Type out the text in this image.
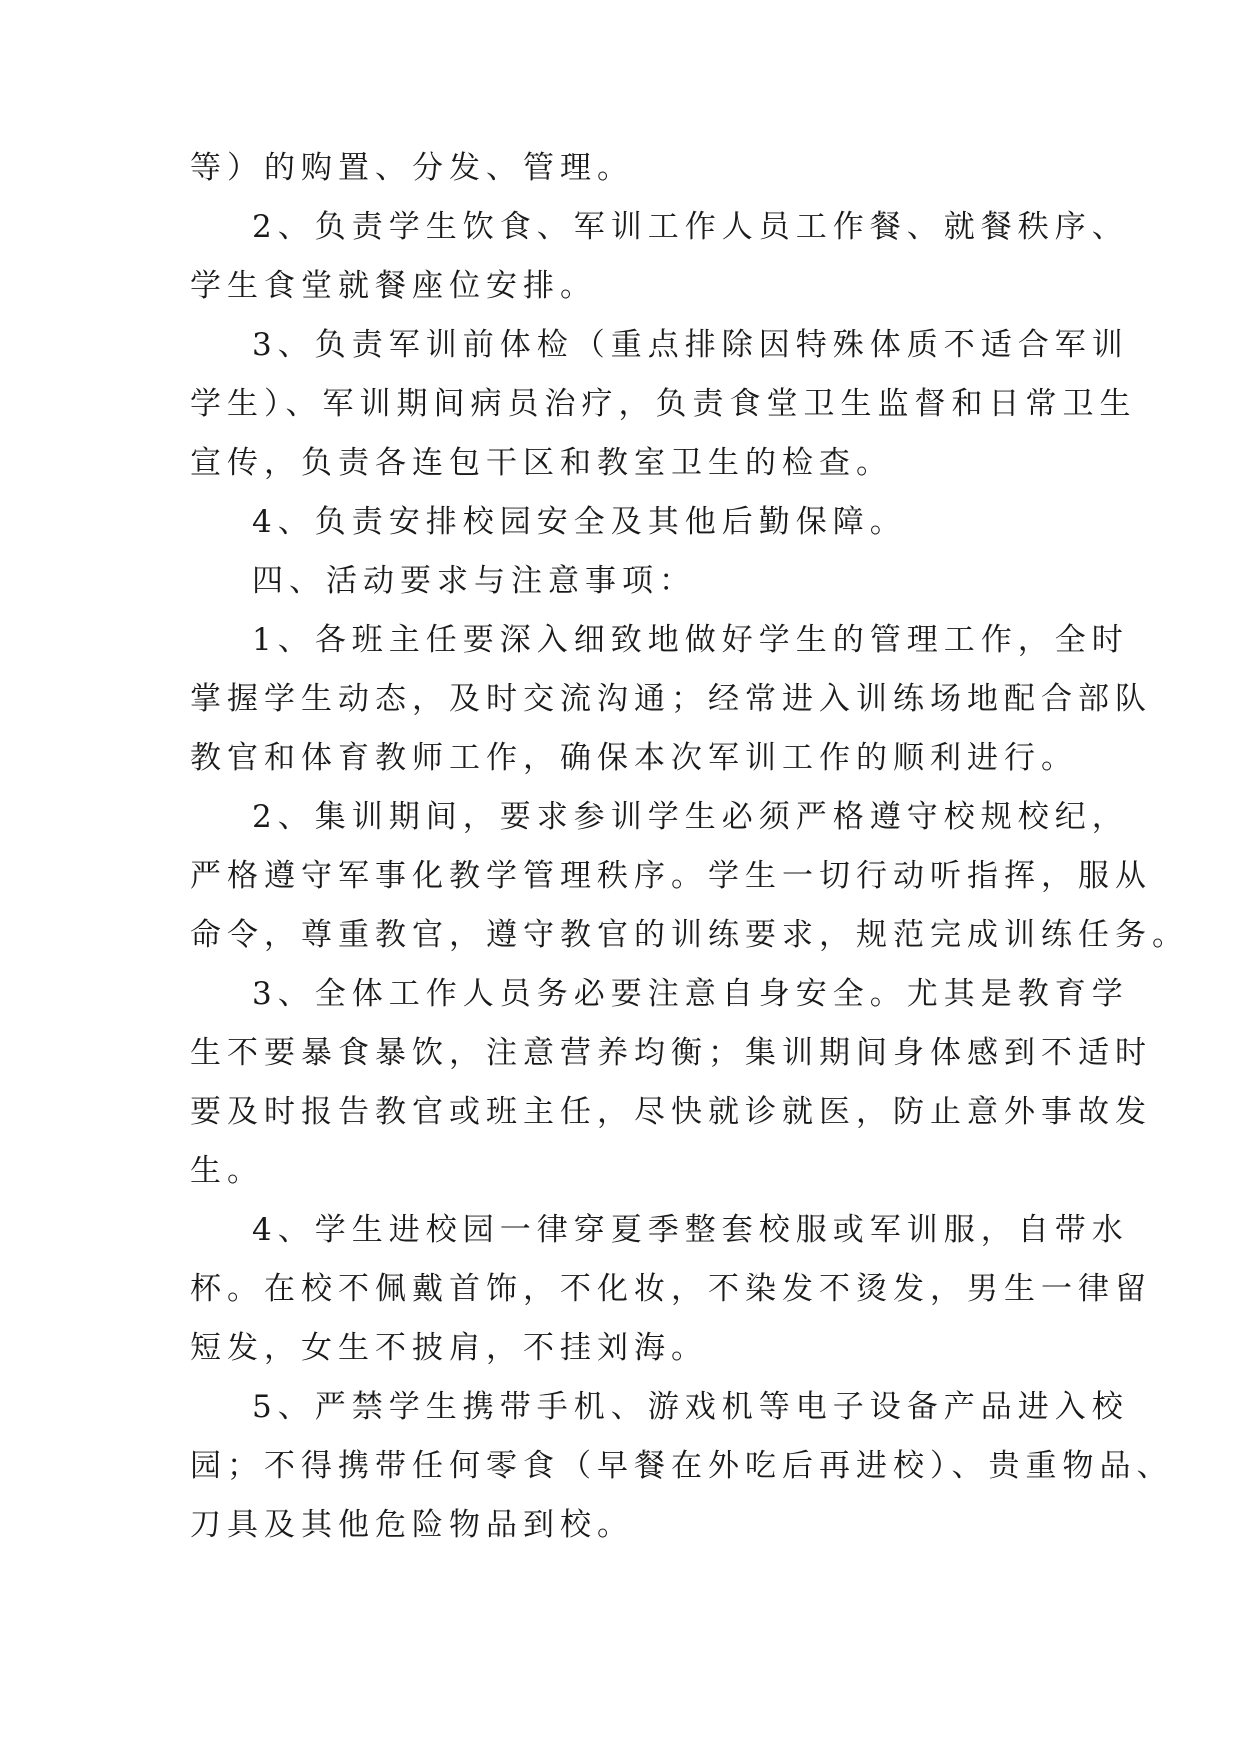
等）的购置、分发、管理。
2、负责学生饮食、军训工作人员工作餐、就餐秩序、
学生食堂就餐座位安排。
3、负责军训前体检（重点排除因特殊体质不适合军训
学生）、军训期间病员治疗，负责食堂卫生监督和日常卫生
宣传，负责各连包干区和教室卫生的检查。
4、负责安排校园安全及其他后勤保障。
四、活动要求与注意事项：
1、各班主任要深入细致地做好学生的管理工作，全时
掌握学生动态，及时交流沟通；经常进入训练场地配合部队
教官和体育教师工作，确保本次军训工作的顺利进行。
2、集训期间，要求参训学生必须严格遵守校规校纪，
严格遵守军事化教学管理秩序。学生一切行动听指挥，服从
命令，尊重教官，遵守教官的训练要求，规范完成训练任务。
3、全体工作人员务必要注意自身安全。尤其是教育学
生不要暴食暴饮，注意营养均衡；集训期间身体感到不适时
要及时报告教官或班主任，尽快就诊就医，防止意外事故发
生。
4、学生进校园一律穿夏季整套校服或军训服，自带水
杯。在校不佩戴首饰，不化妆，不染发不烫发，男生一律留
短发，女生不披肩，不挂刘海。
5、严禁学生携带手机、游戏机等电子设备产品进入校
园；不得携带任何零食（早餐在外吃后再进校）、贵重物品、
刀具及其他危险物品到校。
